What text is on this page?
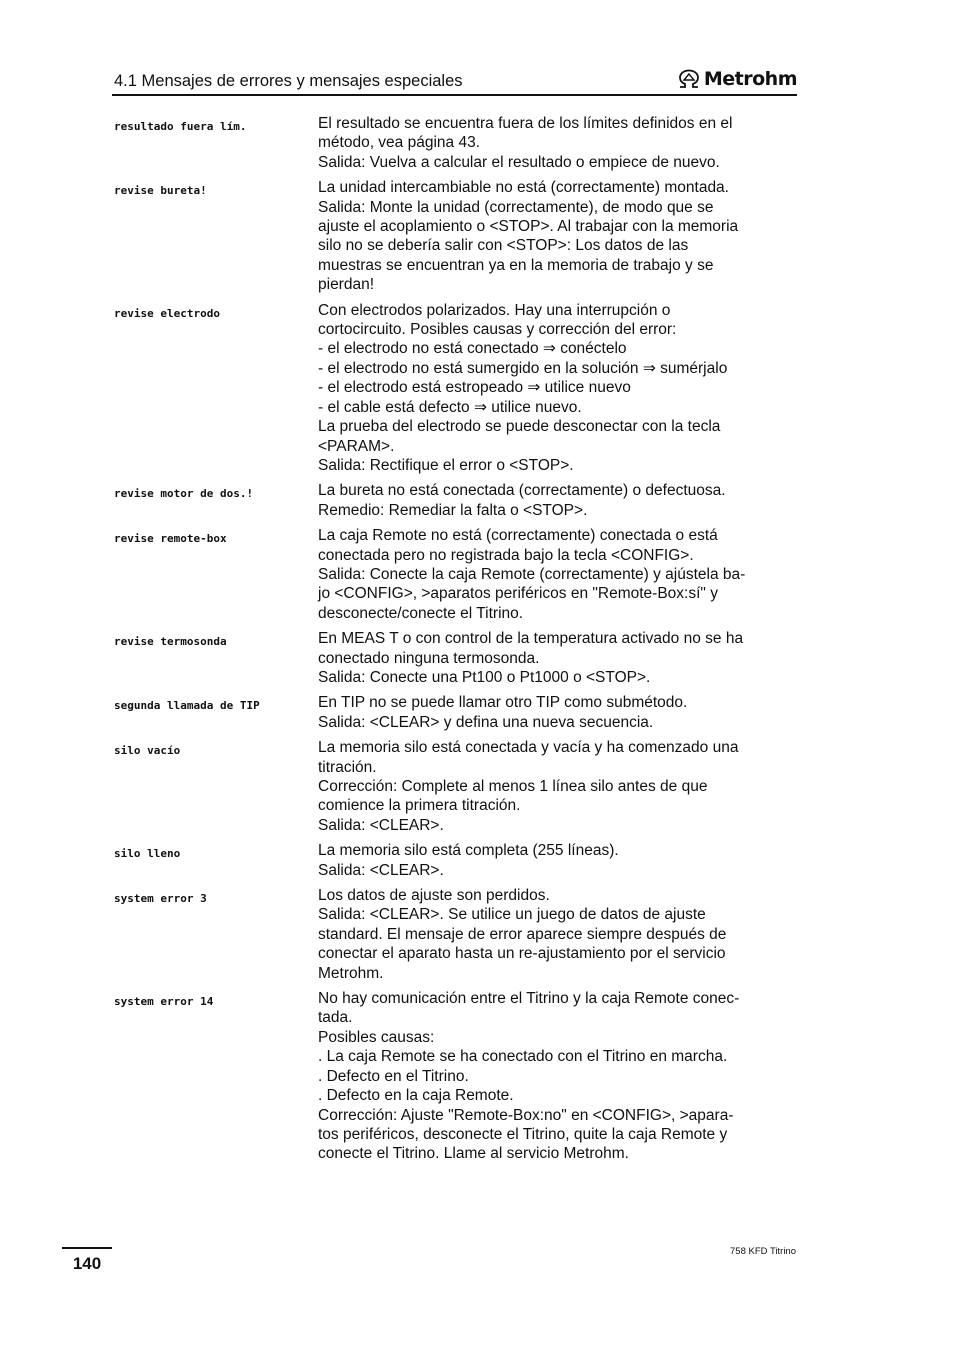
4.1 Mensajes de errores y mensajes especiales	Metrohm
resultado fuera lím.	El resultado se encuentra fuera de los límites definidos en el
método, vea página 43.
Salida: Vuelva a calcular el resultado o empiece de nuevo.
revise bureta!	La unidad intercambiable no está (correctamente) montada.
Salida: Monte la unidad (correctamente), de modo que se
ajuste el acoplamiento o <STOP>. Al trabajar con la memoria
silo no se debería salir con <STOP>: Los datos de las
muestras se encuentran ya en la memoria de trabajo y se
pierdan!
revise electrodo	Con electrodos polarizados. Hay una interrupción o
cortocircuito. Posibles causas y corrección del error:
- el electrodo no está conectado ⇒ conéctelo
- el electrodo no está sumergido en la solución ⇒ sumérjalo
- el electrodo está estropeado ⇒ utilice nuevo
- el cable está defecto ⇒ utilice nuevo.
La prueba del electrodo se puede desconectar con la tecla
<PARAM>.
Salida: Rectifique el error o <STOP>.
revise motor de dos.!	La bureta no está conectada (correctamente) o defectuosa.
Remedio: Remediar la falta o <STOP>.
revise remote-box	La caja Remote no está (correctamente) conectada o está
conectada pero no registrada bajo la tecla <CONFIG>.
Salida: Conecte la caja Remote (correctamente) y ajústela ba-
jo <CONFIG>, >aparatos periféricos en "Remote-Box:sí" y
desconecte/conecte el Titrino.
revise termosonda	En MEAS T o con control de la temperatura activado no se ha
conectado ninguna termosonda.
Salida: Conecte una Pt100 o Pt1000 o <STOP>.
segunda llamada de TIP	En TIP no se puede llamar otro TIP como submétodo.
Salida: <CLEAR> y defina una nueva secuencia.
silo vacío	La memoria silo está conectada y vacía y ha comenzado una
titración.
Corrección: Complete al menos 1 línea silo antes de que
comience la primera titración.
Salida: <CLEAR>.
silo lleno	La memoria silo está completa (255 líneas).
Salida: <CLEAR>.
system error 3	Los datos de ajuste son perdidos.
Salida: <CLEAR>. Se utilice un juego de datos de ajuste
standard. El mensaje de error aparece siempre después de
conectar el aparato hasta un re-ajustamiento por el servicio
Metrohm.
system error 14	No hay comunicación entre el Titrino y la caja Remote conec-
tada.
Posibles causas:
. La caja Remote se ha conectado con el Titrino en marcha.
. Defecto en el Titrino.
. Defecto en la caja Remote.
Corrección: Ajuste "Remote-Box:no" en <CONFIG>, >apara-
tos periféricos, desconecte el Titrino, quite la caja Remote y
conecte el Titrino. Llame al servicio Metrohm.
140
758 KFD Titrino
